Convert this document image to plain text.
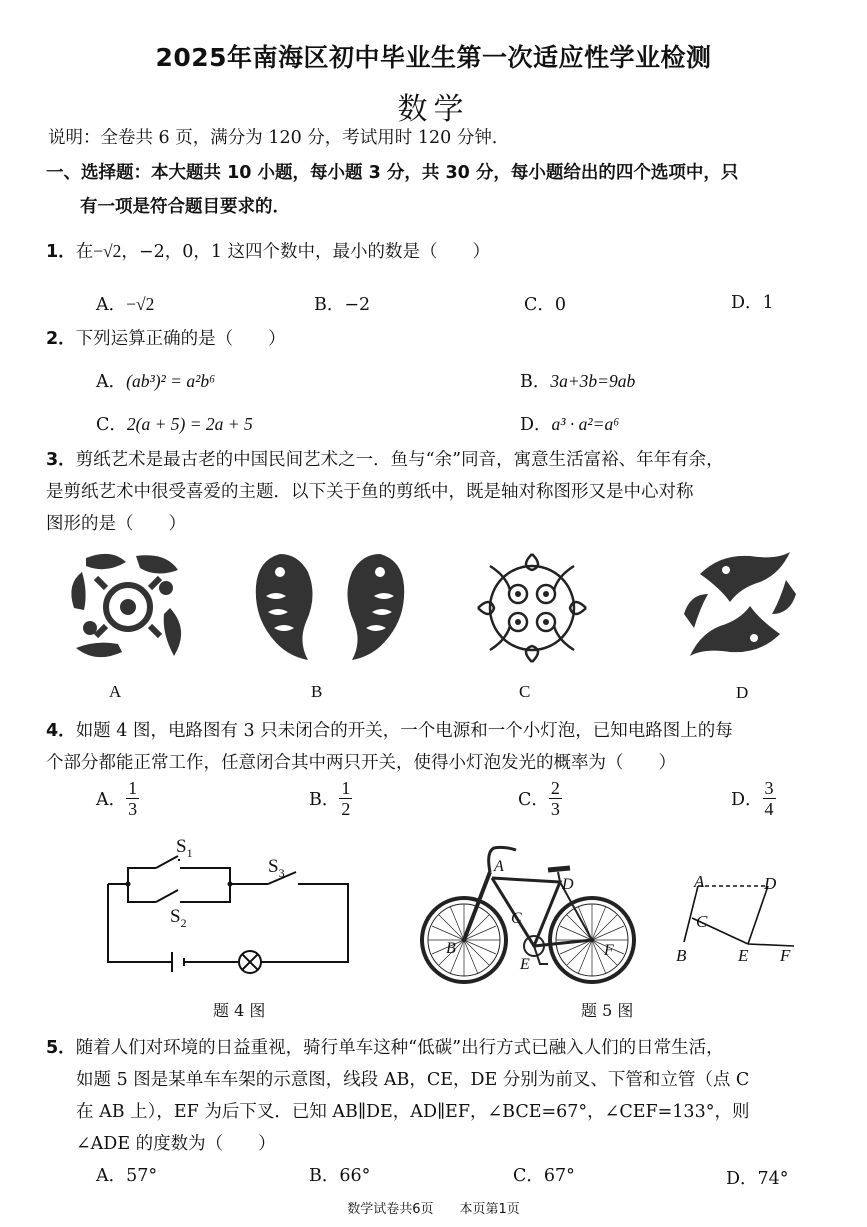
2025年南海区初中毕业生第一次适应性学业检测
数学
说明：全卷共 6 页，满分为 120 分，考试用时 120 分钟．
一、选择题：本大题共 10 小题，每小题 3 分，共 30 分，每小题给出的四个选项中，只
有一项是符合题目要求的．
1．在−√2，−2，0，1 这四个数中，最小的数是（　　）
A．−√2	B．−2	C．0	D．1
2．下列运算正确的是（　　）
A．(ab³)² = a²b⁶	B．3a+3b=9ab
C．2(a + 5) = 2a + 5	D．a³ · a²=a⁶
3．剪纸艺术是最古老的中国民间艺术之一．鱼与“余”同音，寓意生活富裕、年年有余，
是剪纸艺术中很受喜爱的主题．以下关于鱼的剪纸中，既是轴对称图形又是中心对称
图形的是（　　）
A	B	C	D
4．如题 4 图，电路图有 3 只未闭合的开关，一个电源和一个小灯泡，已知电路图上的每
个部分都能正常工作，任意闭合其中两只开关，使得小灯泡发光的概率为（　　）
A． $\frac{1}{3}$	B． $\frac{1}{2}$	C． $\frac{2}{3}$	D． $\frac{3}{4}$
$S_1$
$S_2$
$S_3$
题 4 图
A
D
B
C
E
F
题 5 图
A	D
C
B	E F
5．随着人们对环境的日益重视，骑行单车这种“低碳”出行方式已融入人们的日常生活，
如题 5 图是某单车车架的示意图，线段 AB，CE，DE 分别为前叉、下管和立管（点 C
在 AB 上），EF 为后下叉．已知 AB∥DE，AD∥EF，∠BCE=67°，∠CEF=133°，则
∠ADE 的度数为（　　）
A．57°	B．66°	C．67°	D．74°
数学试卷共6页　　本页第1页
